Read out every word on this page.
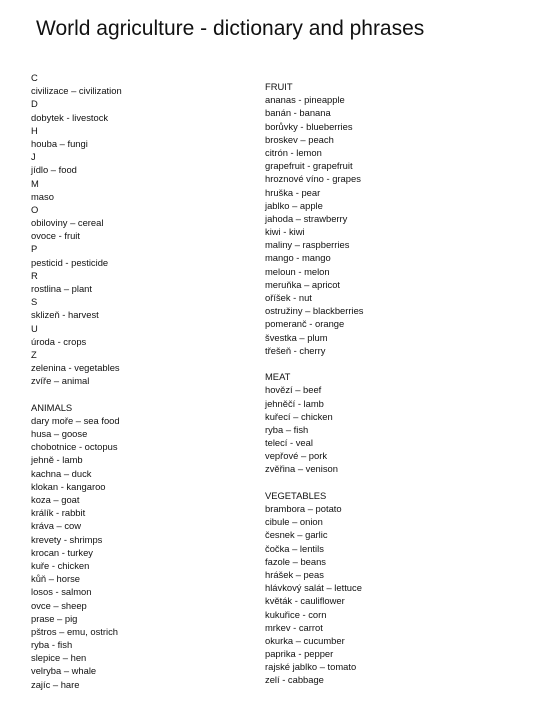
World agriculture - dictionary and phrases
C
civilizace – civilization
D
dobytek - livestock
H
houba – fungi
J
jídlo – food
M
maso
O
obiloviny – cereal
ovoce - fruit
P
pesticid - pesticide
R
rostlina – plant
S
sklizeň - harvest
U
úroda - crops
Z
zelenina - vegetables
zvíře – animal
ANIMALS
dary moře – sea food
husa – goose
chobotnice - octopus
jehně - lamb
kachna – duck
klokan - kangaroo
koza – goat
králík - rabbit
kráva – cow
krevety - shrimps
krocan - turkey
kuře - chicken
kůň – horse
losos - salmon
ovce – sheep
prase – pig
pštros – emu, ostrich
ryba - fish
slepice – hen
velryba – whale
zajíc – hare
FRUIT
ananas - pineapple
banán - banana
borůvky - blueberries
broskev – peach
citrón - lemon
grapefruit - grapefruit
hroznové víno - grapes
hruška - pear
jablko – apple
jahoda – strawberry
kiwi - kiwi
maliny – raspberries
mango - mango
meloun - melon
meruňka – apricot
oříšek - nut
ostružiny – blackberries
pomeranč - orange
švestka – plum
třešeň - cherry
MEAT
hovězí – beef
jehněčí - lamb
kuřecí – chicken
ryba – fish
telecí - veal
vepřové – pork
zvěřina – venison
VEGETABLES
brambora – potato
cibule – onion
česnek – garlic
čočka – lentils
fazole – beans
hrášek – peas
hlávkový salát – lettuce
květák - cauliflower
kukuřice - corn
mrkev - carrot
okurka – cucumber
paprika - pepper
rajské jablko – tomato
zelí - cabbage
